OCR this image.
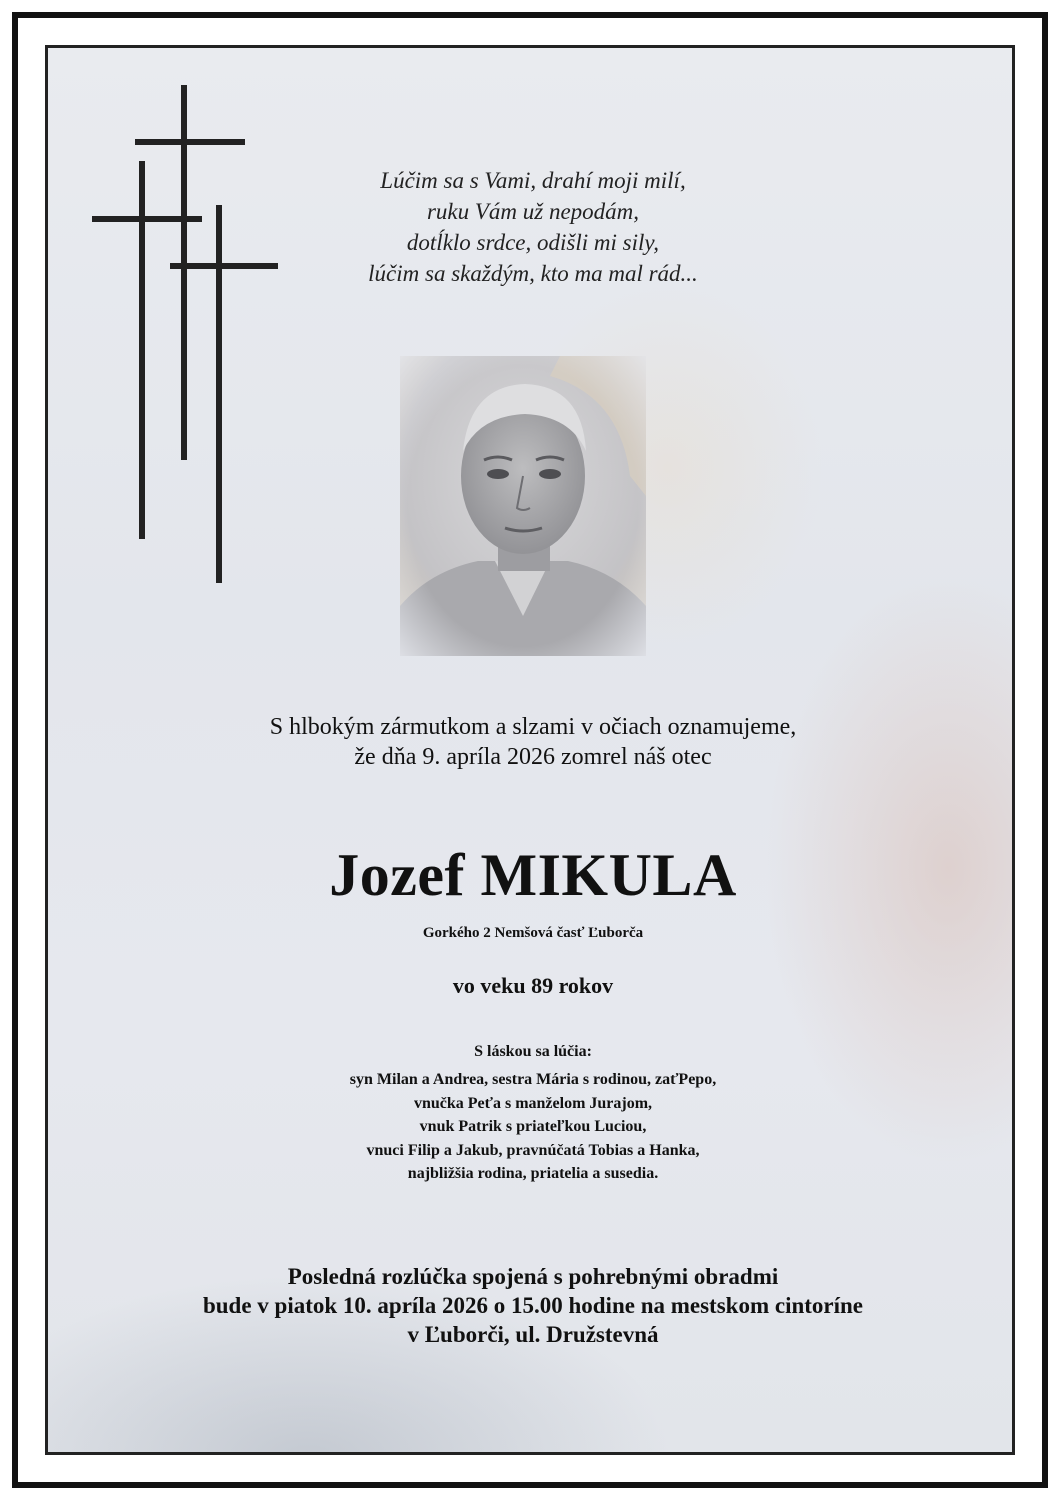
Lúčim sa s Vami, drahí moji milí,
ruku Vám už nepodám,
dotĺklo srdce, odišli mi sily,
lúčim sa skaždým, kto ma mal rád...
S hlbokým zármutkom a slzami v očiach oznamujeme,
že dňa 9. apríla 2026 zomrel náš otec
Jozef MIKULA
Gorkého 2 Nemšová časť Ľuborča
vo veku 89 rokov
S láskou sa lúčia:
syn Milan a Andrea, sestra Mária s rodinou, zaťPepo,
vnučka Peťa s manželom Jurajom,
vnuk Patrik s priateľkou Luciou,
vnuci Filip a Jakub, pravnúčatá Tobias a Hanka,
najbližšia rodina, priatelia a susedia.
Posledná rozlúčka spojená s pohrebnými obradmi
bude v piatok 10. apríla 2026 o 15.00 hodine na mestskom cintoríne
v Ľuborči, ul. Družstevná
